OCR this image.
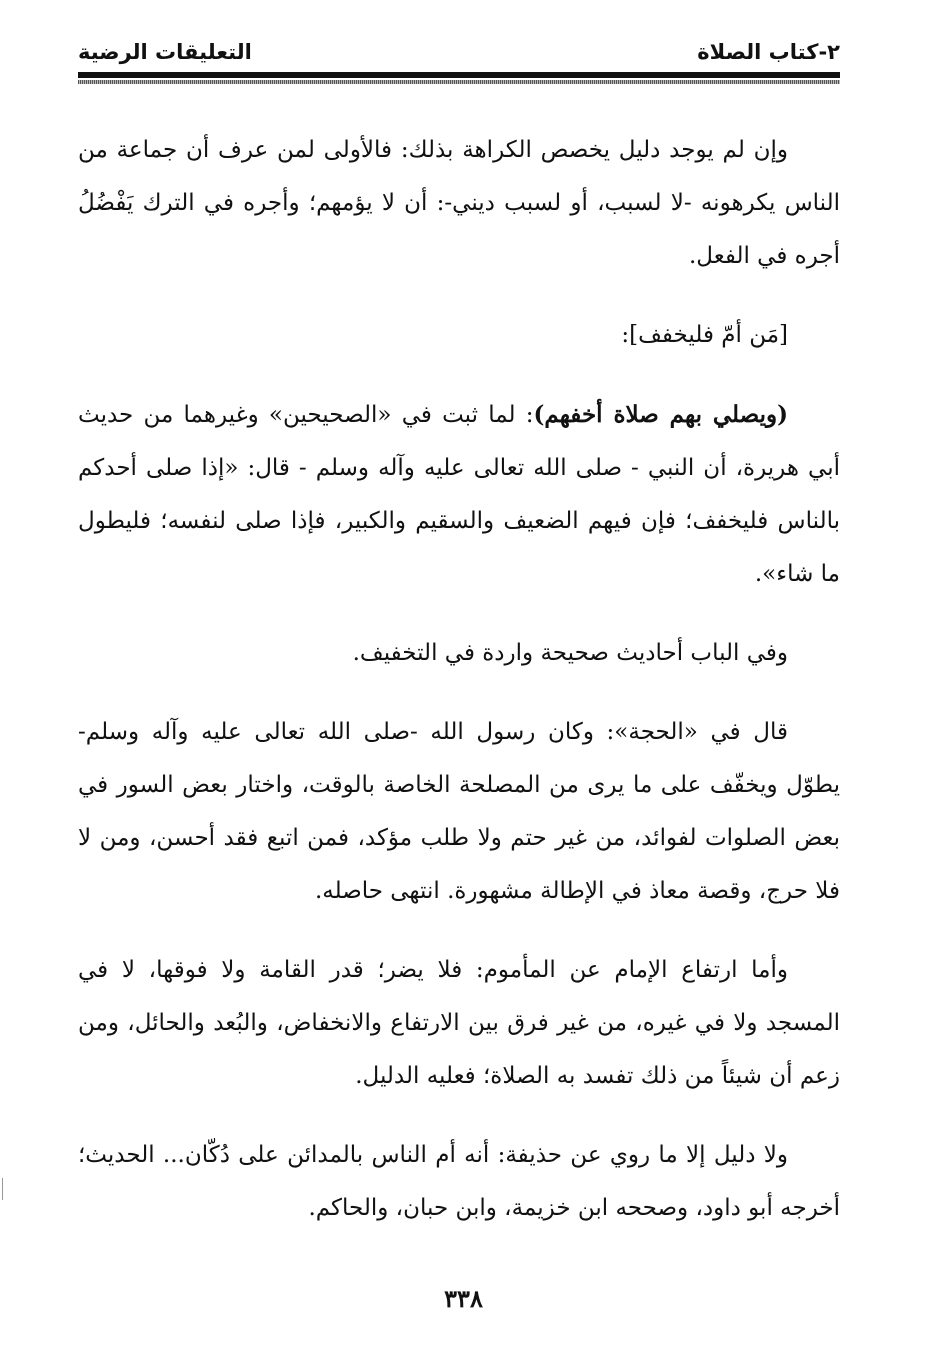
٢-كتاب الصلاة
التعليقات الرضية

وإن لم يوجد دليل يخصص الكراهة بذلك: فالأولى لمن عرف أن جماعة من الناس يكرهونه -لا لسبب، أو لسبب ديني-: أن لا يؤمهم؛ وأجره في الترك يَفْضُلُ أجره في الفعل.

[مَن أمّ فليخفف]:

(ويصلي بهم صلاة أخفهم): لما ثبت في «الصحيحين» وغيرهما من حديث أبي هريرة، أن النبي - صلى الله تعالى عليه وآله وسلم - قال: «إذا صلى أحدكم بالناس فليخفف؛ فإن فيهم الضعيف والسقيم والكبير، فإذا صلى لنفسه؛ فليطول ما شاء».

وفي الباب أحاديث صحيحة واردة في التخفيف.

قال في «الحجة»: وكان رسول الله -صلى الله تعالى عليه وآله وسلم- يطوّل ويخفّف على ما يرى من المصلحة الخاصة بالوقت، واختار بعض السور في بعض الصلوات لفوائد، من غير حتم ولا طلب مؤكد، فمن اتبع فقد أحسن، ومن لا فلا حرج، وقصة معاذ في الإطالة مشهورة. انتهى حاصله.

وأما ارتفاع الإمام عن المأموم: فلا يضر؛ قدر القامة ولا فوقها، لا في المسجد ولا في غيره، من غير فرق بين الارتفاع والانخفاض، والبُعد والحائل، ومن زعم أن شيئاً من ذلك تفسد به الصلاة؛ فعليه الدليل.

ولا دليل إلا ما روي عن حذيفة: أنه أم الناس بالمدائن على دُكّان... الحديث؛ أخرجه أبو داود، وصححه ابن خزيمة، وابن حبان، والحاكم.

٣٣٨
